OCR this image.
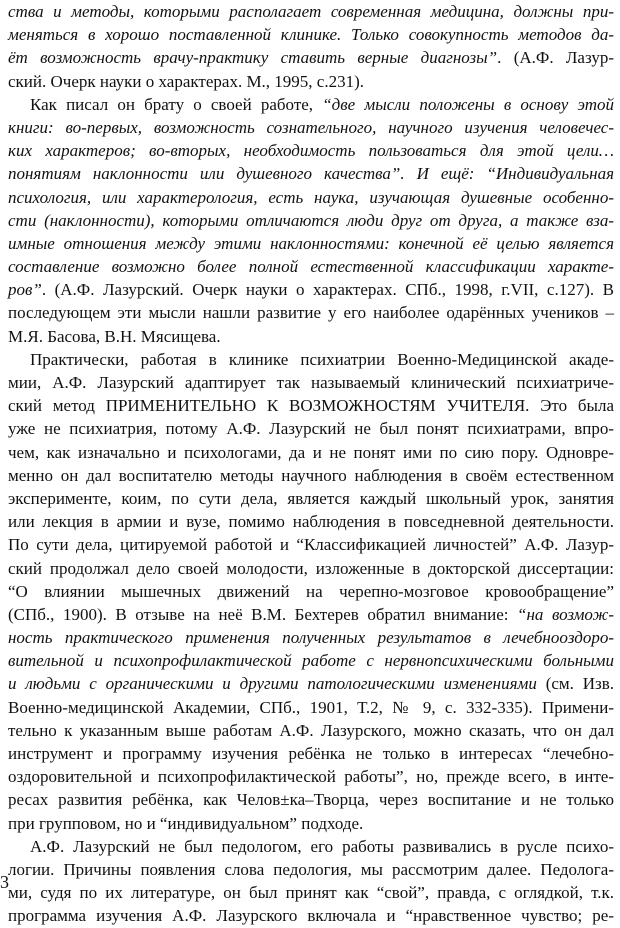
ства и методы, которыми располагает современная медицина, должны при-
меняться в хорошо поставленной клинике. Только совокупность методов да-
ёт возможность врачу-практику ставить верные диагнозы”. (А.Ф. Лазур-
ский. Очерк науки о характерах. М., 1995, с.231).
Как писал он брату о своей работе, “две мысли положены в основу этой
книги: во-первых, возможность сознательного, научного изучения человечес-
ких характеров; во-вторых, необходимость пользоваться для этой цели…
понятиям наклонности или душевного качества”. И ещё: “Индивидуальная
психология, или характерология, есть наука, изучающая душевные особенно-
сти (наклонности), которыми отличаются люди друг от друга, а также вза-
имные отношения между этими наклонностями: конечной её целью является
составление возможно более полной естественной классификации характе-
ров”. (А.Ф. Лазурский. Очерк науки о характерах. СПб., 1998, г.VII, с.127). В
последующем эти мысли нашли развитие у его наиболее одарённых учеников –
М.Я. Басова, В.Н. Мясищева.
Практически, работая в клинике психиатрии Военно-Медицинской акаде-
мии, А.Ф. Лазурский адаптирует так называемый клинический психиатриче-
ский метод ПРИМЕНИТЕЛЬНО К ВОЗМОЖНОСТЯМ УЧИТЕЛЯ. Это была
уже не психиатрия, потому А.Ф. Лазурский не был понят психиатрами, впро-
чем, как изначально и психологами, да и не понят ими по сию пору. Одновре-
менно он дал воспитателю методы научного наблюдения в своём естественном
эксперименте, коим, по сути дела, является каждый школьный урок, занятия
или лекция в армии и вузе, помимо наблюдения в повседневной деятельности.
По сути дела, цитируемой работой и “Классификацией личностей” А.Ф. Лазур-
ский продолжал дело своей молодости, изложенные в докторской диссертации:
“О влиянии мышечных движений на черепно-мозговое кровообращение”
(СПб., 1900). В отзыве на неё В.М. Бехтерев обратил внимание: “на возмож-
ность практического применения полученных результатов в лечебноoздоро-
вительной и психопрофилактической работе с нервнопсихическими больными
и людьми с органическими и другими патологическими изменениями (см. Изв.
Военно-медицинской Академии, СПб., 1901, Т.2, № 9, с. 332-335). Примени-
тельно к указанным выше работам А.Ф. Лазурского, можно сказать, что он дал
инструмент и программу изучения ребёнка не только в интересах “лечебно-
оздоровительной и психопрофилактической работы”, но, прежде всего, в инте-
ресах развития ребёнка, как Челов±ка–Творца, через воспитание и не только
при групповом, но и “индивидуальном” подходе.
А.Ф. Лазурский не был педологом, его работы развивались в русле психо-
логии. Причины появления слова педология, мы рассмотрим далее. Педолога-
ми, судя по их литературе, он был принят как “свой”, правда, с оглядкой, т.к.
программа изучения А.Ф. Лазурского включала и “нравственное чувство; ре-
3
